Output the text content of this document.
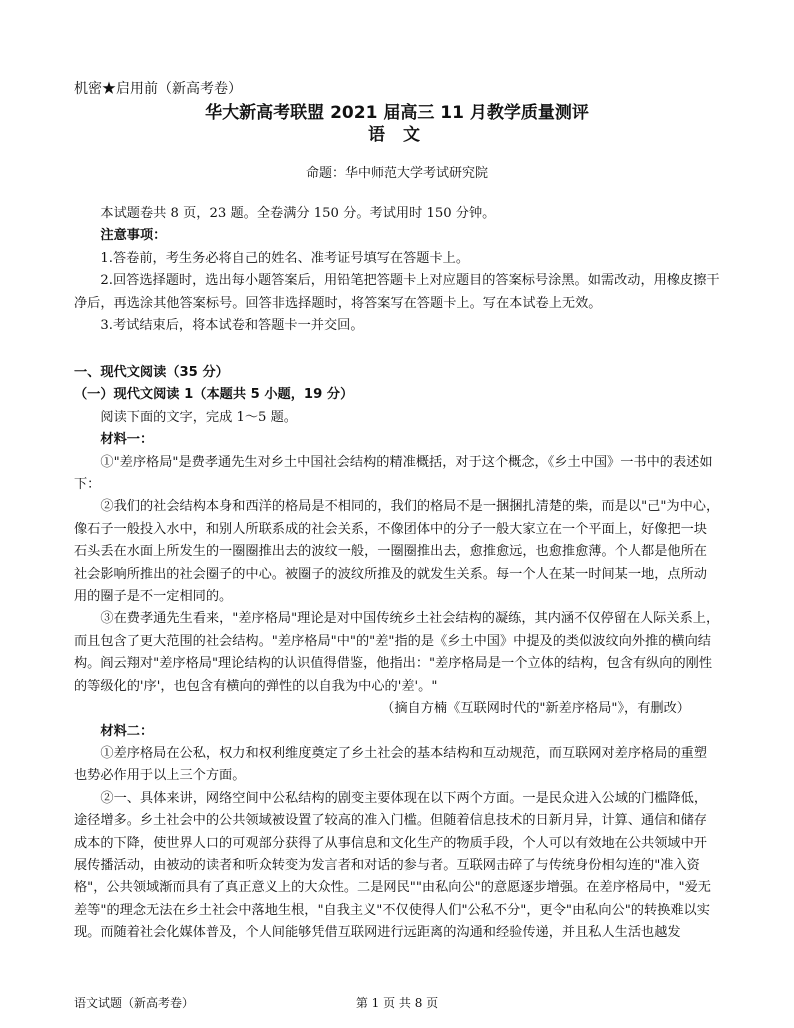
机密★启用前（新高考卷）
华大新高考联盟 2021 届高三 11 月教学质量测评
语 文
命题：华中师范大学考试研究院

本试题卷共 8 页，23 题。全卷满分 150 分。考试用时 150 分钟。

注意事项：

1.答卷前，考生务必将自己的姓名、准考证号填写在答题卡上。

2.回答选择题时，选出每小题答案后，用铅笔把答题卡上对应题目的答案标号涂黑。如需改动，用橡皮擦干净后，再选涂其他答案标号。回答非选择题时，将答案写在答题卡上。写在本试卷上无效。

3.考试结束后，将本试卷和答题卡一并交回。

一、现代文阅读（35 分）

（一）现代文阅读 1（本题共 5 小题，19 分）

阅读下面的文字，完成 1～5 题。

材料一：

①"差序格局"是费孝通先生对乡土中国社会结构的精准概括，对于这个概念，《乡土中国》一书中的表述如下：

②我们的社会结构本身和西洋的格局是不相同的，我们的格局不是一捆捆扎清楚的柴，而是以"己"为中心，像石子一般投入水中，和别人所联系成的社会关系，不像团体中的分子一般大家立在一个平面上，好像把一块石头丢在水面上所发生的一圈圈推出去的波纹一般，一圈圈推出去，愈推愈远，也愈推愈薄。个人都是他所在社会影响所推出的社会圈子的中心。被圈子的波纹所推及的就发生关系。每一个人在某一时间某一地，点所动用的圈子是不一定相同的。

③在费孝通先生看来，"差序格局"理论是对中国传统乡土社会结构的凝练，其内涵不仅停留在人际关系上，而且包含了更大范围的社会结构。"差序格局"中"的"差"指的是《乡土中国》中提及的类似波纹向外推的横向结构。阎云翔对"差序格局"理论结构的认识值得借鉴，他指出："差序格局是一个立体的结构，包含有纵向的刚性的等级化的'序'，也包含有横向的弹性的以自我为中心的'差'。"

（摘自方楠《互联网时代的"新差序格局"》，有删改）

材料二：

①差序格局在公私，权力和权利维度奠定了乡土社会的基本结构和互动规范，而互联网对差序格局的重塑也势必作用于以上三个方面。

②一、具体来讲，网络空间中公私结构的剧变主要体现在以下两个方面。一是民众进入公域的门槛降低，途径增多。乡土社会中的公共领域被设置了较高的准入门槛。但随着信息技术的日新月异，计算、通信和储存成本的下降，使世界人口的可观部分获得了从事信息和文化生产的物质手段，个人可以有效地在公共领域中开展传播活动，由被动的读者和听众转变为发言者和对话的参与者。互联网击碎了与传统身份相勾连的"准入资格"，公共领域渐而具有了真正意义上的大众性。二是网民""由私向公"的意愿逐步增强。在差序格局中，"爱无差等"的理念无法在乡土社会中落地生根，"自我主义"不仅使得人们"公私不分"，更令"由私向公"的转换难以实现。而随着社会化媒体普及，个人间能够凭借互联网进行远距离的沟通和经验传递，并且私人生活也越发

语文试题（新高考卷）	第 1 页 共 8 页
